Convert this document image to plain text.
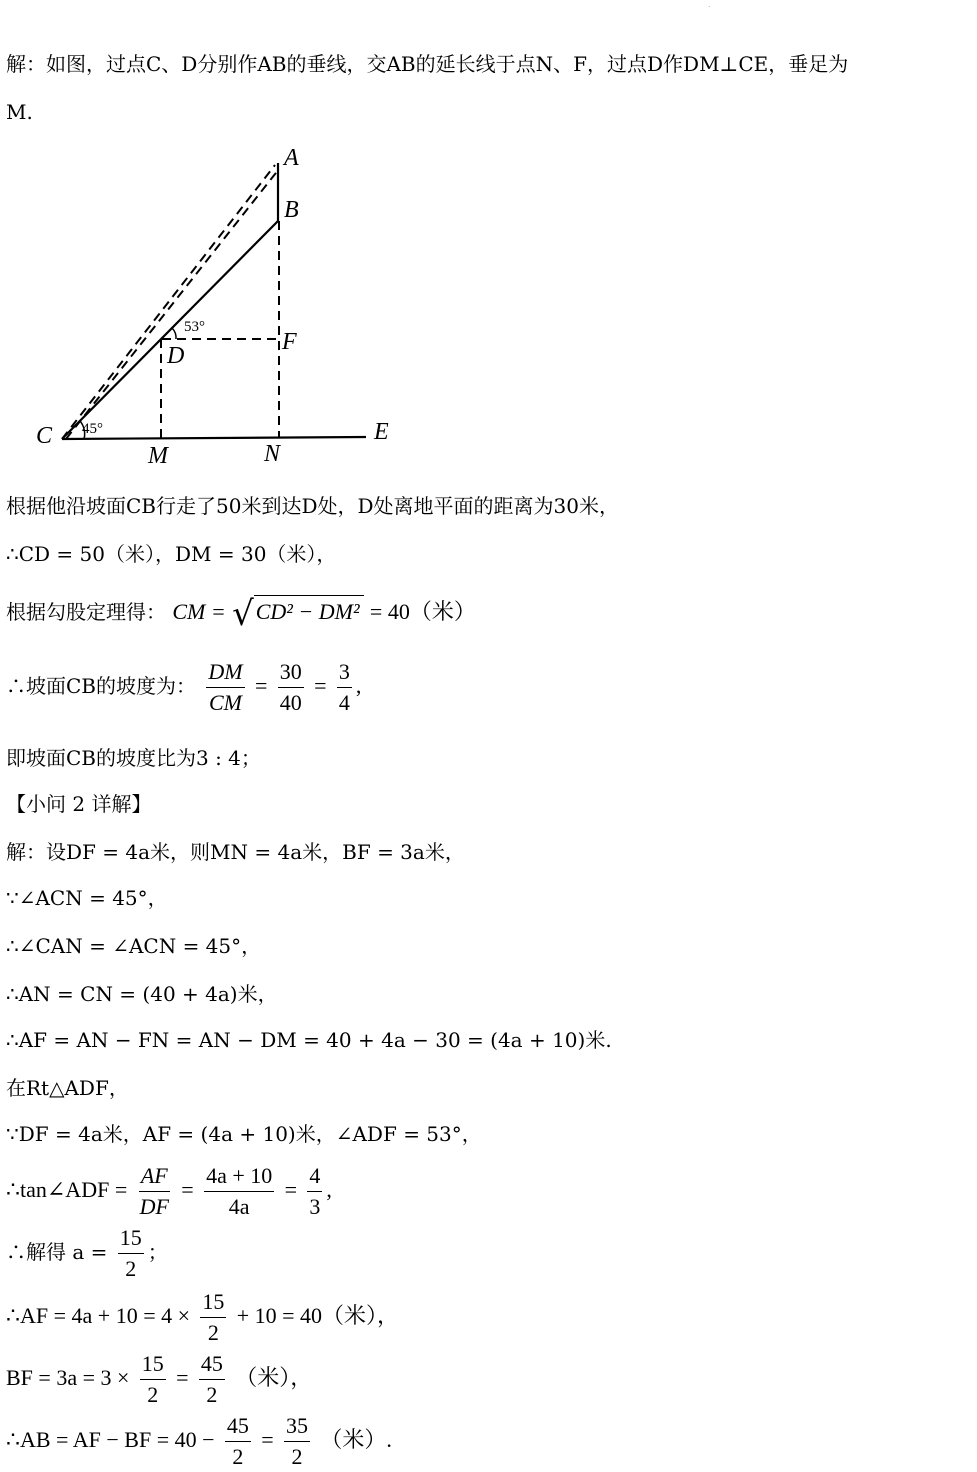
.
解：如图，过点C、D分别作AB的垂线，交AB的延长线于点N、F，过点D作DM⊥CE，垂足为
M.
A
B
F
D
C
M	N
E
53°
45°
根据他沿坡面CB行走了50米到达D处，D处离地平面的距离为30米，
∴CD = 50（米），DM = 30（米），
根据勾股定理得： CM = √CD² − DM² = 40（米）
∴坡面CB的坡度为： $\frac{DM}{CM} = \frac{30}{40} = \frac{3}{4}$ ,
即坡面CB的坡度比为3 : 4；
【小问 2 详解】
解：设DF = 4a米，则MN = 4a米，BF = 3a米，
∵∠ACN = 45°，
∴∠CAN = ∠ACN = 45°，
∴AN = CN = (40 + 4a)米，
∴AF = AN − FN = AN − DM = 40 + 4a − 30 = (4a + 10)米.
在Rt△ADF，
∵DF = 4a米，AF = (4a + 10)米，∠ADF = 53°，
∴tan∠ADF = $\frac{AF}{DF} = \frac{4a + 10}{4a} = \frac{4}{3}$ ,
∴解得 $a = \frac{15}{2}$ ；
∴AF = $4a + 10 = 4 \times \frac{15}{2} + 10 = 40$（米），
BF = $3a = 3 \times \frac{15}{2} = \frac{45}{2}$ （米），
∴AB = AF − BF = $40 - \frac{45}{2} = \frac{35}{2}$ （米）.
